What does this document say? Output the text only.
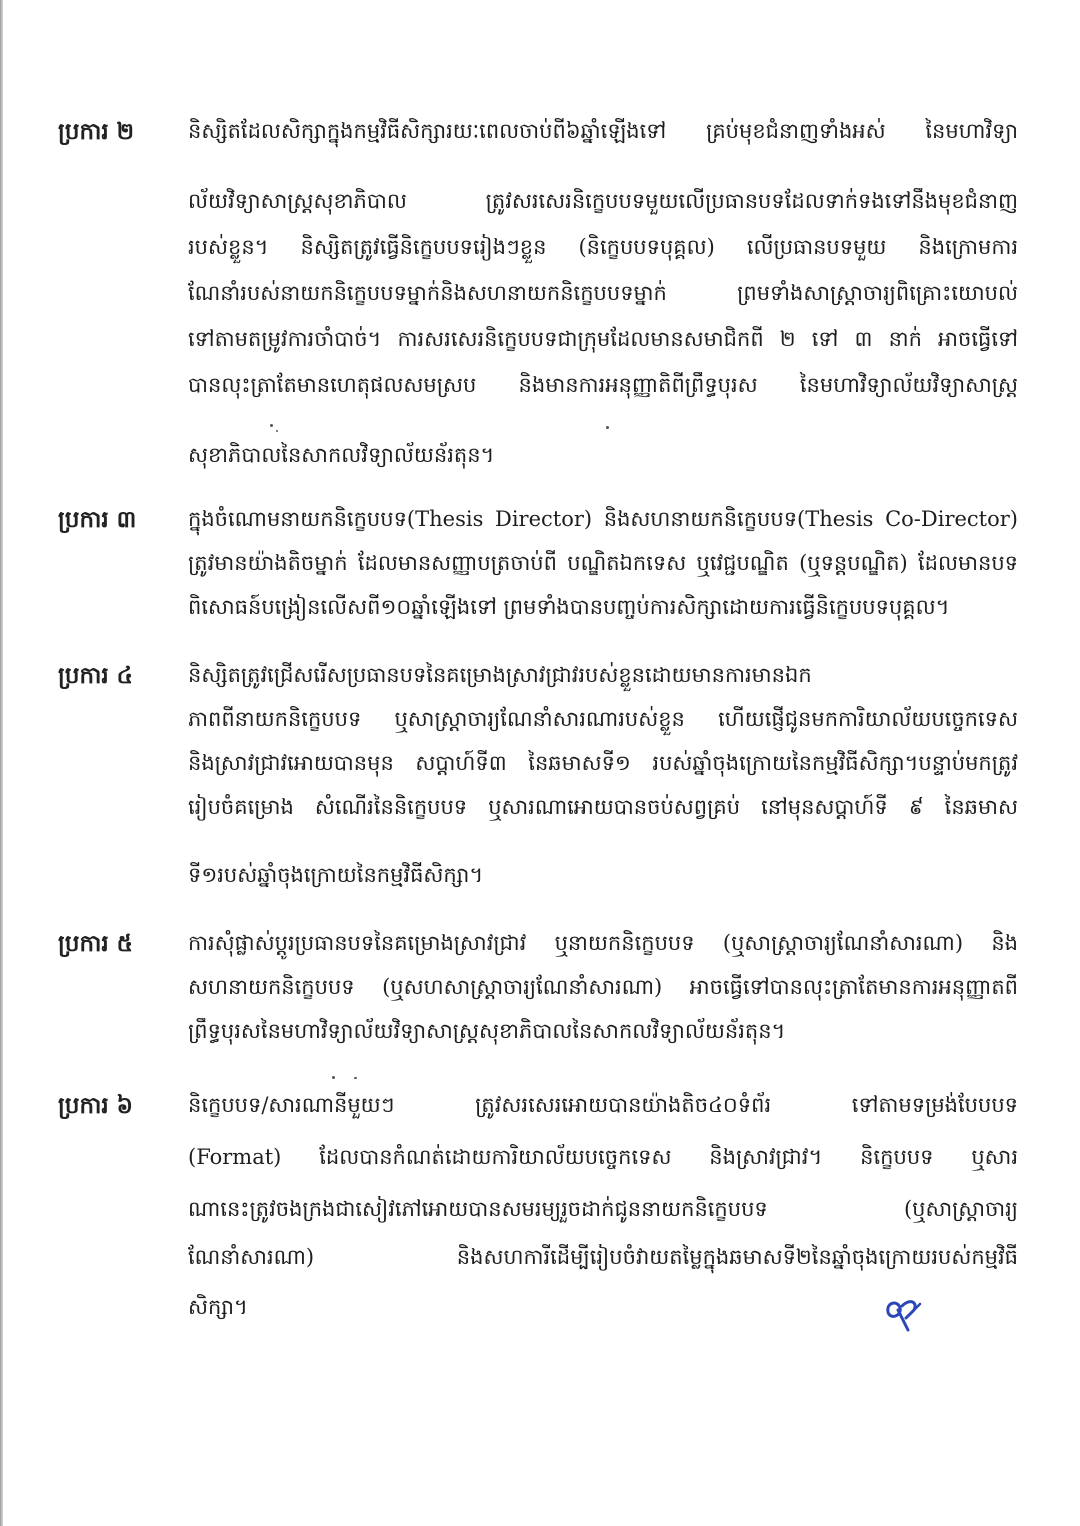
ប្រការ ២	និស្សិតដែលសិក្សាក្នុងកម្មវិធីសិក្សារយៈពេលចាប់ពី៦ឆ្នាំឡើងទៅ គ្រប់មុខជំនាញទាំងអស់ នៃមហាវិទ្យា
ល័យវិទ្យាសាស្ត្រសុខាភិបាល ត្រូវសរសេរនិក្ខេបបទមួយលើប្រធានបទដែលទាក់ទងទៅនឹងមុខជំនាញ
របស់ខ្លួន។ និស្សិតត្រូវធ្វើនិក្ខេបបទរៀងៗខ្លួន (និក្ខេបបទបុគ្គល) លើប្រធានបទមួយ និងក្រោមការ
ណែនាំរបស់នាយកនិក្ខេបបទម្នាក់និងសហនាយកនិក្ខេបបទម្នាក់ ព្រមទាំងសាស្ត្រាចារ្យពិគ្រោះយោបល់
ទៅតាមតម្រូវការចាំបាច់។ ការសរសេរនិក្ខេបបទជាក្រុមដែលមានសមាជិកពី ២ ទៅ ៣ នាក់ អាចធ្វើទៅ
បានលុះត្រាតែមានហេតុផលសមស្រប និងមានការអនុញ្ញាតិពីព្រឹទ្ធបុរស នៃមហាវិទ្យាល័យវិទ្យាសាស្ត្រ
សុខាភិបាលនៃសាកលវិទ្យាល័យន័រតុន។
ប្រការ ៣	ក្នុងចំណោមនាយកនិក្ខេបបទ(Thesis Director) និងសហនាយកនិក្ខេបបទ(Thesis Co-Director)
ត្រូវមានយ៉ាងតិចម្នាក់ ដែលមានសញ្ញាបត្រចាប់ពី បណ្ឌិតឯកទេស ឬវេជ្ជបណ្ឌិត (ឬទន្តបណ្ឌិត) ដែលមានបទ
ពិសោធន៍បង្រៀនលើសពី១០ឆ្នាំឡើងទៅ ព្រមទាំងបានបញ្ចប់ការសិក្សាដោយការធ្វើនិក្ខេបបទបុគ្គល។
ប្រការ ៤	និស្សិតត្រូវជ្រើសរើសប្រធានបទនៃគម្រោងស្រាវជ្រាវរបស់ខ្លួនដោយមានការមានឯក
ភាពពីនាយកនិក្ខេបបទ ឬសាស្ត្រាចារ្យណែនាំសារណារបស់ខ្លួន ហើយផ្ញើជូនមកការិយាល័យបច្ចេកទេស
និងស្រាវជ្រាវអោយបានមុន សប្តាហ៍ទី៣ នៃឆមាសទី១ របស់ឆ្នាំចុងក្រោយនៃកម្មវិធីសិក្សា។បន្ទាប់មកត្រូវ
រៀបចំគម្រោង សំណើរនៃនិក្ខេបបទ ឬសារណាអោយបានចប់សព្វគ្រប់ នៅមុនសប្តាហ៍ទី ៩ នៃឆមាស
ទី១របស់ឆ្នាំចុងក្រោយនៃកម្មវិធីសិក្សា។
ប្រការ ៥	ការសុំផ្លាស់ប្តូរប្រធានបទនៃគម្រោងស្រាវជ្រាវ ឬនាយកនិក្ខេបបទ (ឬសាស្ត្រាចារ្យណែនាំសារណា) និង
សហនាយកនិក្ខេបបទ (ឬសហសាស្ត្រាចារ្យណែនាំសារណា) អាចធ្វើទៅបានលុះត្រាតែមានការអនុញ្ញាតពី
ព្រឹទ្ធបុរសនៃមហាវិទ្យាល័យវិទ្យាសាស្ត្រសុខាភិបាលនៃសាកលវិទ្យាល័យន័រតុន។
ប្រការ ៦	និក្ខេបបទ/សារណានីមួយៗ ត្រូវសរសេរអោយបានយ៉ាងតិច៤០ទំព័រ ទៅតាមទម្រង់បែបបទ
(Format) ដែលបានកំណត់ដោយការិយាល័យបច្ចេកទេស និងស្រាវជ្រាវ។ និក្ខេបបទ ឬសារ
ណានេះត្រូវចងក្រងជាសៀវភៅអោយបានសមរម្យរួចដាក់ជូននាយកនិក្ខេបបទ (ឬសាស្ត្រាចារ្យ
ណែនាំសារណា) និងសហការីដើម្បីរៀបចំវាយតម្លៃក្នុងឆមាសទី២នៃឆ្នាំចុងក្រោយរបស់កម្មវិធី
សិក្សា។
